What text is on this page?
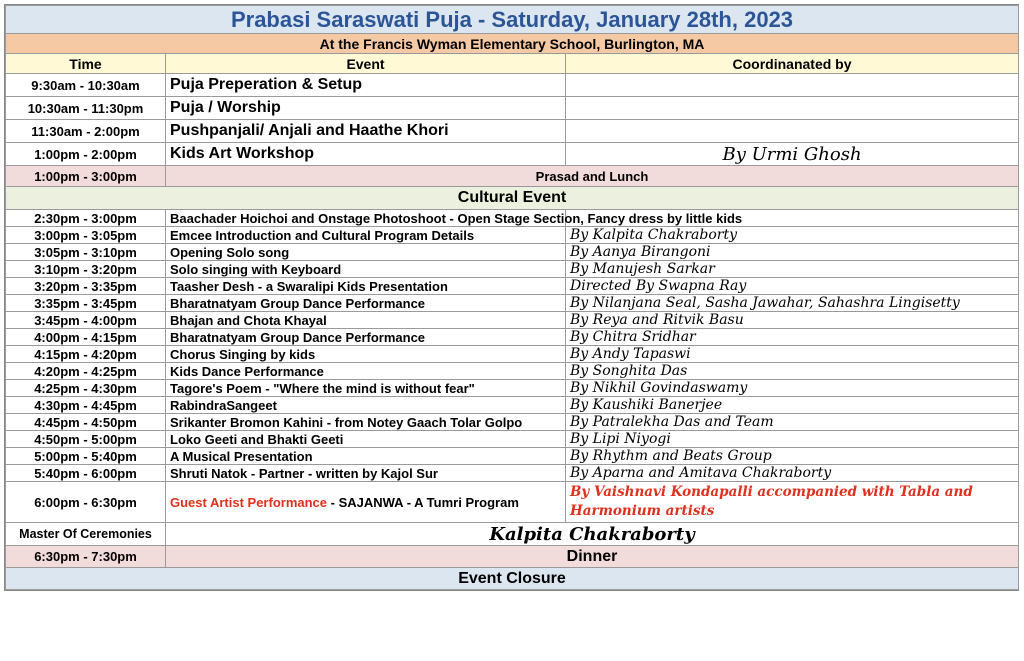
Prabasi Saraswati Puja - Saturday, January 28th, 2023		
At the Francis Wyman Elementary School, Burlington, MA		
Time	Event	Coordinanated by
9:30am - 10:30am	Puja Preperation & Setup	
10:30am - 11:30pm	Puja / Worship	
11:30am - 2:00pm	Pushpanjali/ Anjali and Haathe Khori	
1:00pm - 2:00pm	Kids Art Workshop	By Urmi Ghosh
1:00pm - 3:00pm	Prasad and Lunch	
Cultural Event		
2:30pm - 3:00pm	Baachader Hoichoi and Onstage Photoshoot - Open Stage Section, Fancy dress by little kids	
3:00pm - 3:05pm	Emcee Introduction and Cultural Program Details	By Kalpita Chakraborty
3:05pm - 3:10pm	Opening Solo song	By Aanya Birangoni
3:10pm - 3:20pm	Solo singing with Keyboard	By Manujesh Sarkar
3:20pm - 3:35pm	Taasher Desh - a Swaralipi Kids Presentation	Directed By Swapna Ray
3:35pm - 3:45pm	Bharatnatyam Group Dance Performance	By Nilanjana Seal, Sasha Jawahar, Sahashra Lingisetty
3:45pm - 4:00pm	Bhajan and Chota Khayal	By Reya and Ritvik Basu
4:00pm - 4:15pm	Bharatnatyam Group Dance Performance	By Chitra Sridhar
4:15pm - 4:20pm	Chorus Singing by kids	By Andy Tapaswi
4:20pm - 4:25pm	Kids Dance Performance	By Songhita Das
4:25pm - 4:30pm	Tagore's Poem - "Where the mind is without fear"	By Nikhil Govindaswamy
4:30pm - 4:45pm	RabindraSangeet	By Kaushiki Banerjee
4:45pm - 4:50pm	Srikanter Bromon Kahini - from Notey Gaach Tolar Golpo	By Patralekha Das and Team
4:50pm - 5:00pm	Loko Geeti and Bhakti Geeti	By Lipi Niyogi
5:00pm - 5:40pm	A Musical Presentation	By Rhythm and Beats Group
5:40pm - 6:00pm	Shruti Natok - Partner - written by Kajol Sur	By Aparna and Amitava Chakraborty
6:00pm - 6:30pm	Guest Artist Performance - SAJANWA - A Tumri Program	By Vaishnavi Kondapalli accompanied with Tabla and Harmonium artists
Master Of Ceremonies	Kalpita Chakraborty	
6:30pm - 7:30pm	Dinner	
Event Closure		
